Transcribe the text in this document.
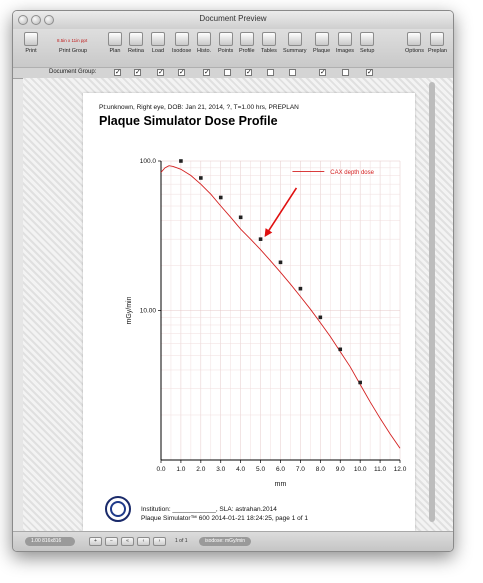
Document Preview
Print
8.5in x 11in ppt
Print Group	Plan Retina Load Isodose Histo. Points Profile Tables Summary Plaque Images Setup	Options Preplan
Document Group:	✓ ✓ ✓ ✓	✓	✓	✓	✓
Pt:unknown, Right eye, DOB: Jan 21, 2014, ?, T=1.00 hrs, PREPLAN
Plaque Simulator Dose Profile
0.0 1.0 2.0 3.0 4.0 5.0 6.0 7.0 8.0 9.0 10.0 11.0 12.0
100.0
10.00
mm
mGy/min
CAX depth dose
Institution: ____________, SLA: astrahan.2014
Plaque Simulator™ 600 2014-01-21 18:24:25, page 1 of 1
1.00 816x816	+	−	«	‹	›	1 of 1	isodose: mGy/min
